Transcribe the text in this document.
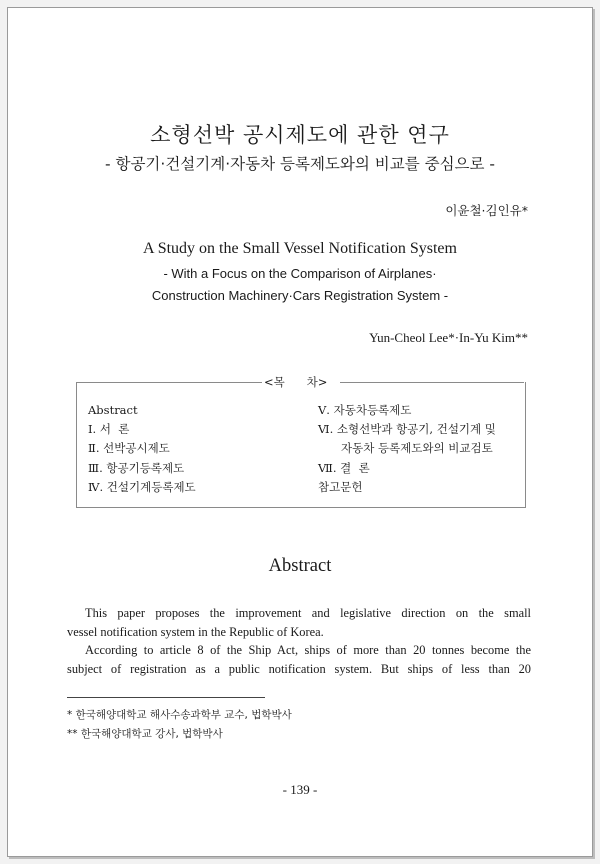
소형선박 공시제도에 관한 연구
- 항공기·건설기계·자동차 등록제도와의 비교를 중심으로 -
이윤철·김인유*
A Study on the Small Vessel Notification System
- With a Focus on the Comparison of Airplanes·
Construction Machinery·Cars Registration System -
Yun-Cheol Lee*·In-Yu Kim**
<목      차>
Abstract
Ⅰ. 서  론
Ⅱ. 선박공시제도
Ⅲ. 항공기등록제도
Ⅳ. 건설기계등록제도
Ⅴ. 자동차등록제도
Ⅵ. 소형선박과 항공기, 건설기계 및
자동차 등록제도와의 비교검토
Ⅶ. 결  론
참고문헌
Abstract
This paper proposes the improvement and legislative direction on the small
vessel notification system in the Republic of Korea.
According to article 8 of the Ship Act, ships of more than 20 tonnes become the
subject of registration as a public notification system. But ships of less than 20
* 한국해양대학교 해사수송과학부 교수, 법학박사
** 한국해양대학교 강사, 법학박사
- 139 -
